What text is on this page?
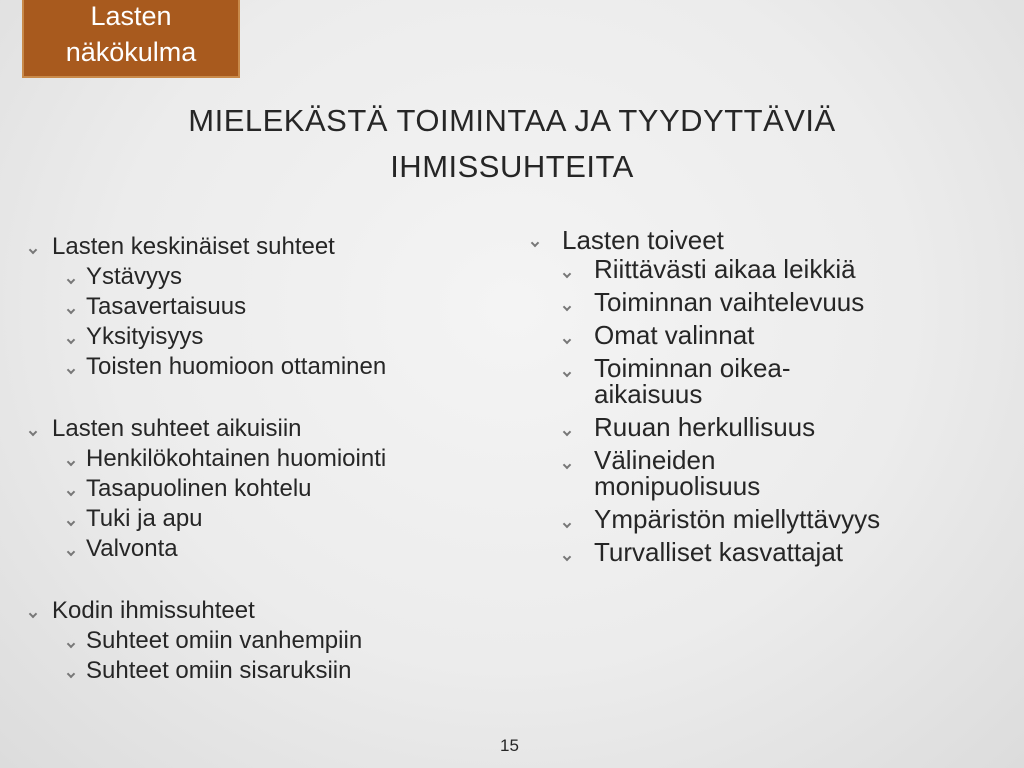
Lasten
näkökulma
MIELEKÄSTÄ TOIMINTAA JA TYYDYTTÄVIÄ
IHMISSUHTEITA
Lasten keskinäiset suhteet
Ystävyys
Tasavertaisuus
Yksityisyys
Toisten huomioon ottaminen
Lasten suhteet aikuisiin
Henkilökohtainen huomiointi
Tasapuolinen kohtelu
Tuki ja apu
Valvonta
Kodin ihmissuhteet
Suhteet omiin vanhempiin
Suhteet omiin sisaruksiin
Lasten toiveet
Riittävästi aikaa leikkiä
Toiminnan vaihtelevuus
Omat valinnat
Toiminnan oikea-aikaisuus
Ruuan herkullisuus
Välineiden monipuolisuus
Ympäristön miellyttävyys
Turvalliset kasvattajat
15
